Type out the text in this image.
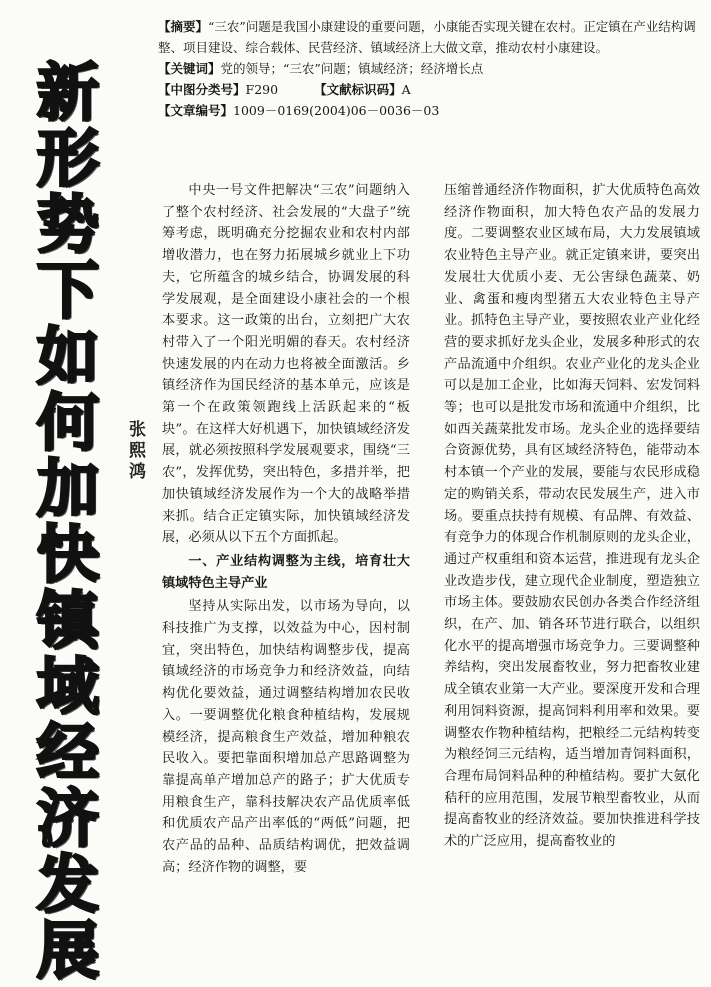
新
形
势
下
如
何
加
快
镇
域
经
济
发
展
张熙鸿

【摘要】“三农”问题是我国小康建设的重要问题，小康能否实现关键在农村。正定镇在产业结构调整、项目建设、综合载体、民营经济、镇域经济上大做文章，推动农村小康建设。

【关键词】党的领导；“三农”问题；镇域经济；经济增长点

【中图分类号】F290	【文献标识码】A

【文章编号】1009－0169(2004)06－0036－03

中央一号文件把解决“三农”问题纳入了整个农村经济、社会发展的“大盘子”统筹考虑，既明确充分挖掘农业和农村内部增收潜力，也在努力拓展城乡就业上下功夫，它所蕴含的城乡结合，协调发展的科学发展观，是全面建设小康社会的一个根本要求。这一政策的出台，立刻把广大农村带入了一个阳光明媚的春天。农村经济快速发展的内在动力也将被全面激活。乡镇经济作为国民经济的基本单元，应该是第一个在政策领跑线上活跃起来的“板块”。在这样大好机遇下，加快镇域经济发展，就必须按照科学发展观要求，围绕“三农”，发挥优势，突出特色，多措并举，把加快镇域经济发展作为一个大的战略举措来抓。结合正定镇实际，加快镇域经济发展，必须从以下五个方面抓起。

一、产业结构调整为主线，培育壮大镇域特色主导产业

坚持从实际出发，以市场为导向，以科技推广为支撑，以效益为中心，因村制宜，突出特色，加快结构调整步伐，提高镇域经济的市场竞争力和经济效益，向结构优化要效益，通过调整结构增加农民收入。一要调整优化粮食种植结构，发展规模经济，提高粮食生产效益，增加种粮农民收入。要把靠面积增加总产思路调整为靠提高单产增加总产的路子；扩大优质专用粮食生产，靠科技解决农产品优质率低和优质农产品产出率低的“两低”问题，把农产品的品种、品质结构调优，把效益调高；经济作物的调整，要

压缩普通经济作物面积，扩大优质特色高效经济作物面积，加大特色农产品的发展力度。二要调整农业区域布局，大力发展镇域农业特色主导产业。就正定镇来讲，要突出发展壮大优质小麦、无公害绿色蔬菜、奶业、禽蛋和瘦肉型猪五大农业特色主导产业。抓特色主导产业，要按照农业产业化经营的要求抓好龙头企业，发展多种形式的农产品流通中介组织。农业产业化的龙头企业可以是加工企业，比如海天饲料、宏发饲料等；也可以是批发市场和流通中介组织，比如西关蔬菜批发市场。龙头企业的选择要结合资源优势，具有区域经济特色，能带动本村本镇一个产业的发展，要能与农民形成稳定的购销关系，带动农民发展生产，进入市场。要重点扶持有规模、有品牌、有效益、有竞争力的体现合作机制原则的龙头企业，通过产权重组和资本运营，推进现有龙头企业改造步伐，建立现代企业制度，塑造独立市场主体。要鼓励农民创办各类合作经济组织，在产、加、销各环节进行联合，以组织化水平的提高增强市场竞争力。三要调整种养结构，突出发展畜牧业，努力把畜牧业建成全镇农业第一大产业。要深度开发和合理利用饲料资源，提高饲料利用率和效果。要调整农作物种植结构，把粮经二元结构转变为粮经饲三元结构，适当增加青饲料面积，合理布局饲料品种的种植结构。要扩大氨化秸秆的应用范围，发展节粮型畜牧业，从而提高畜牧业的经济效益。要加快推进科学技术的广泛应用，提高畜牧业的
